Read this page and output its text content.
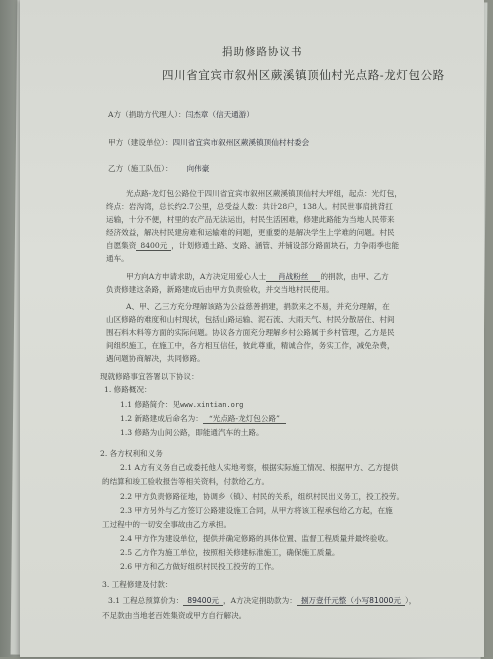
捐助修路协议书
四川省宜宾市叙州区蕨溪镇顶仙村光点路-龙灯包公路
A方（捐助方代理人）：闫杰章（信天通游）
甲方（建设单位）：四川省宜宾市叙州区蕨溪镇顶仙村村委会
乙方（施工队伍）： 向伟豪
光点路-龙灯包公路位于四川省宜宾市叙州区蕨溪镇顶仙村大坪组，起点：光灯包，
终点：岩沟湾，总长约2.7公里，总受益人数：共计28户，138人。村民世事肩挑背扛
运输，十分不便，村里的农产品无法运出，村民生活困难，修建此路能为当地人民带来
经济效益，解决村民建房难和运输难的问题，更重要的是解决学生上学难的问题。村民
自愿集资 8400元 ，计划修通土路、支路、涵管、并铺设部分路面块石，力争雨季也能
通车。
甲方向A方申请求助，A方决定用爱心人士 肖战粉丝 的捐款，由甲、乙方
负责修建这条路，新路建成后由甲方负责验收，并交当地村民使用。
A、甲、乙三方充分理解该路为公益慈善捐建，捐款来之不易，并充分理解，在
山区修路的难度和山村现状，包括山路运输、泥石流、大雨天气、村民分散居住、村间
围石料木料等方面的实际问题。协议各方面充分理解乡村公路属于乡村管理，乙方是民
间组织施工，在施工中，各方相互信任，彼此尊重，精诚合作，务实工作，减免杂费，
遇问题协商解决，共同修路。
现就修路事宜答署以下协议：
1. 修路概况：
1.1 修路简介：见www.xintian.org
1.2 新路建成后命名为： “光点路-龙灯包公路”
1.3 修路为山间公路，即能通汽车的土路。
2. 各方权利和义务
2.1 A方有义务自己或委托他人实地考察，根据实际施工情况、根据甲方、乙方提供
的结算和竣工验收报告等相关资料，付款给乙方。
2.2 甲方负责修路征地，协调乡（镇）、村民的关系，组织村民出义务工，投工投劳。
2.3 甲方另外与乙方签订公路建设施工合同，从甲方将该工程承包给乙方起，在施
工过程中的一切安全事故由乙方承担。
2.4 甲方作为建设单位，提供并确定修路的具体位置、监督工程质量并最终验收。
2.5 乙方作为施工单位，按照相关修建标准施工，确保施工质量。
2.6 甲方和乙方做好组织村民投工投劳的工作。
3. 工程修建及付款：
3.1 工程总预算价为： 89400元 ，A方决定捐助款为： 捌万壹仟元整（小写81000元 ），
不足款由当地老百姓集资或甲方自行解决。
